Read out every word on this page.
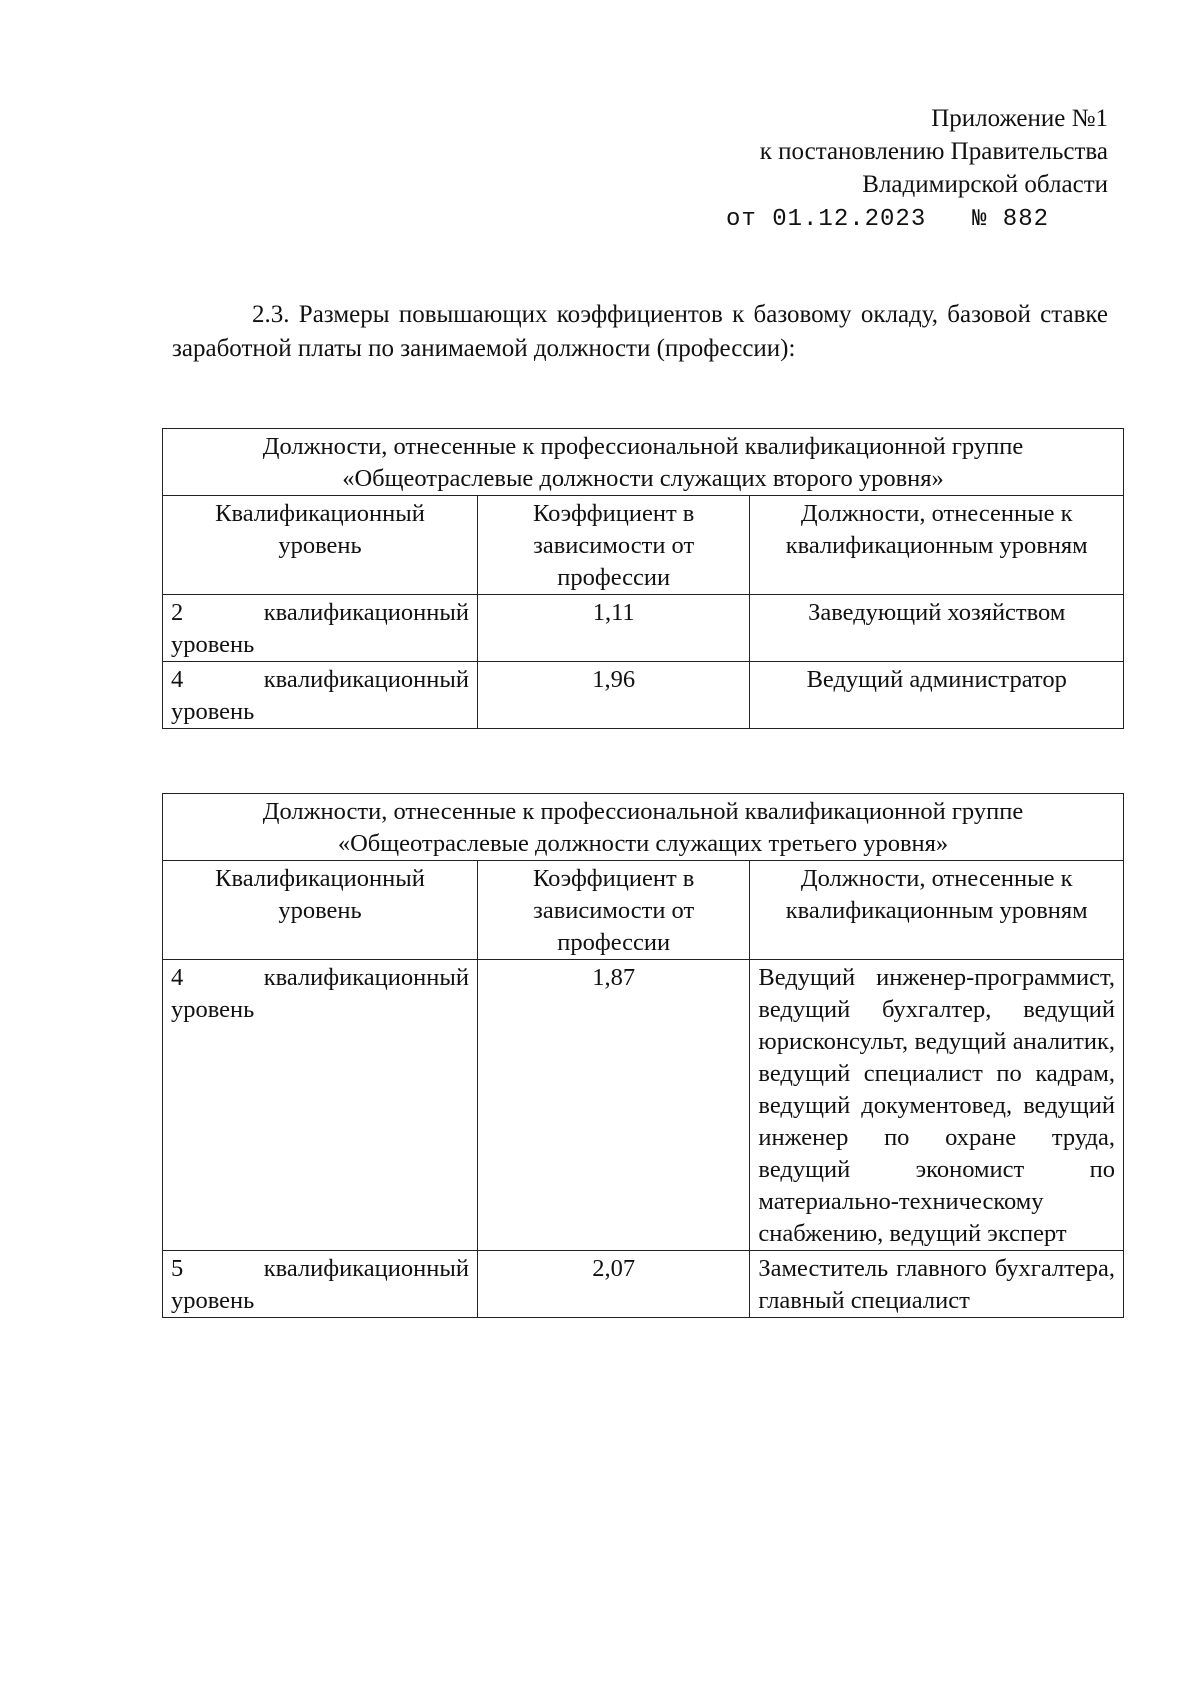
Приложение №1
к постановлению Правительства
Владимирской области
от 01.12.2023 № 882
2.3. Размеры повышающих коэффициентов к базовому окладу, базовой ставке заработной платы по занимаемой должности (профессии):
Должности, отнесенные к профессиональной квалификационной группе
«Общеотраслевые должности служащих второго уровня»		

Квалификационный уровень	Коэффициент в зависимости от профессии	Должности, отнесенные к квалификационным уровням
2 квалификационный уровень	1,11	Заведующий хозяйством
4 квалификационный уровень	1,96	Ведущий администратор
Должности, отнесенные к профессиональной квалификационной группе
«Общеотраслевые должности служащих третьего уровня»		

Квалификационный уровень	Коэффициент в зависимости от профессии	Должности, отнесенные к квалификационным уровням
4 квалификационный уровень	1,87	Ведущий инженер-программист, ведущий бухгалтер, ведущий юрисконсульт, ведущий аналитик, ведущий специалист по кадрам, ведущий документовед, ведущий инженер по охране труда, ведущий экономист по материально-техническому снабжению, ведущий эксперт
5 квалификационный уровень	2,07	Заместитель главного бухгалтера, главный специалист
